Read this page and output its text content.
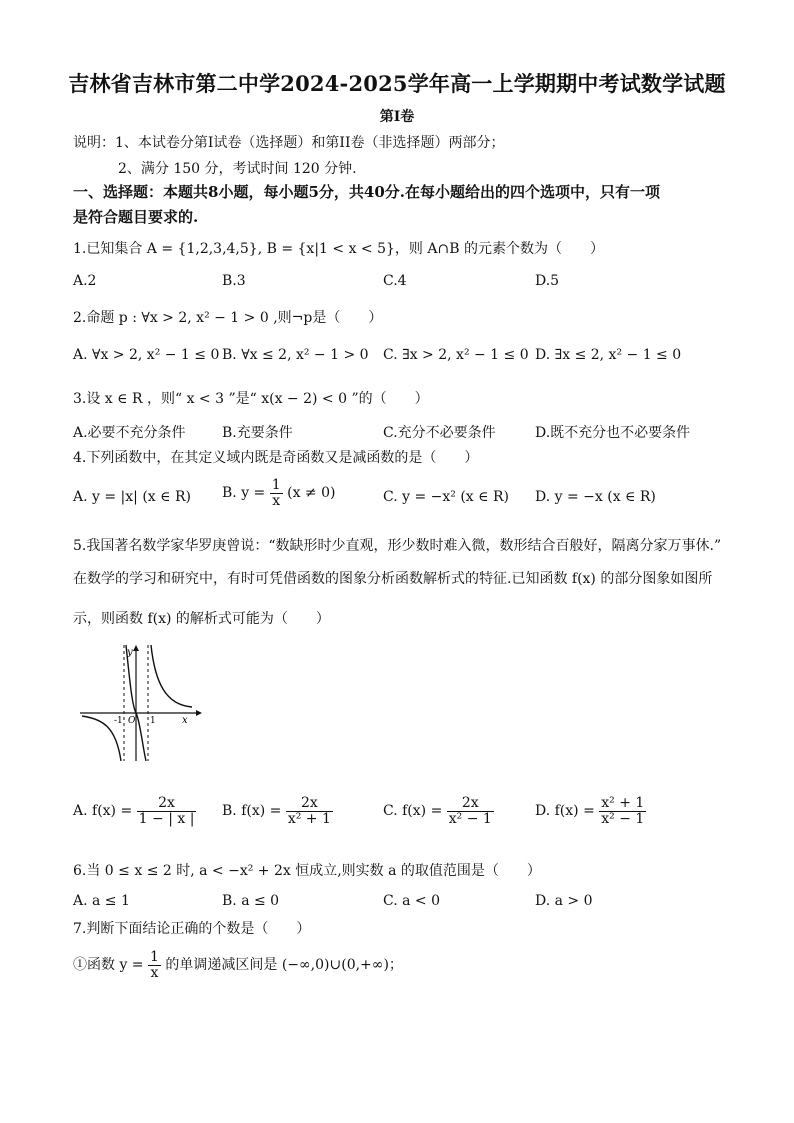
吉林省吉林市第二中学2024-2025学年高一上学期期中考试数学试题
第I卷
说明：1、本试卷分第I试卷（选择题）和第II卷（非选择题）两部分；
2、满分 150 分，考试时间 120 分钟.
一、选择题：本题共8小题，每小题5分，共40分.在每小题给出的四个选项中，只有一项
是符合题目要求的.
1.已知集合 A = {1,2,3,4,5}, B = {x|1 < x < 5}，则 A∩B 的元素个数为（　　）
A.2	B.3	C.4	D.5
2.命题 p : ∀x > 2, x² − 1 > 0 ,则¬p是（　　）
A. ∀x > 2, x² − 1 ≤ 0 B. ∀x ≤ 2, x² − 1 > 0 C. ∃x > 2, x² − 1 ≤ 0 D. ∃x ≤ 2, x² − 1 ≤ 0
3.设 x ∈ R ，则“ x < 3 ”是“ x(x − 2) < 0 ”的（　　）
A.必要不充分条件	B.充要条件	C.充分不必要条件	D.既不充分也不必要条件
4.下列函数中，在其定义域内既是奇函数又是减函数的是（　　）
A. y = |x| (x ∈ R) B. $y = \frac{1}{x} (x \ne 0)$	C. y = −x² (x ∈ R) D. y = −x (x ∈ R)
5.我国著名数学家华罗庚曾说：“数缺形时少直观，形少数时难入微，数形结合百般好，隔离分家万事休.”
在数学的学习和研究中，有时可凭借函数的图象分析函数解析式的特征.已知函数 f(x) 的部分图象如图所
示，则函数 f(x) 的解析式可能为（　　）
y
x
-1 O 1
A. $f(x) = \frac{2x}{1 - | x |} B$. $f(x) = \frac{2x}{\text{x² + 1}}$	C. $f(x) = \frac{2x}{\text{x² − 1}}$	D. $f(x) = \frac{\text{x² + 1}}{\text{x² − 1}}$
6.当 0 ≤ x ≤ 2 时, a < −x² + 2x 恒成立,则实数 a 的取值范围是（　　）
A. a ≤ 1	B. a ≤ 0	C. a < 0	D. a > 0
7.判断下面结论正确的个数是（　　）
①函数 $y = \frac{1}{x}$ 的单调递减区间是 (−∞,0)∪(0,+∞)；
